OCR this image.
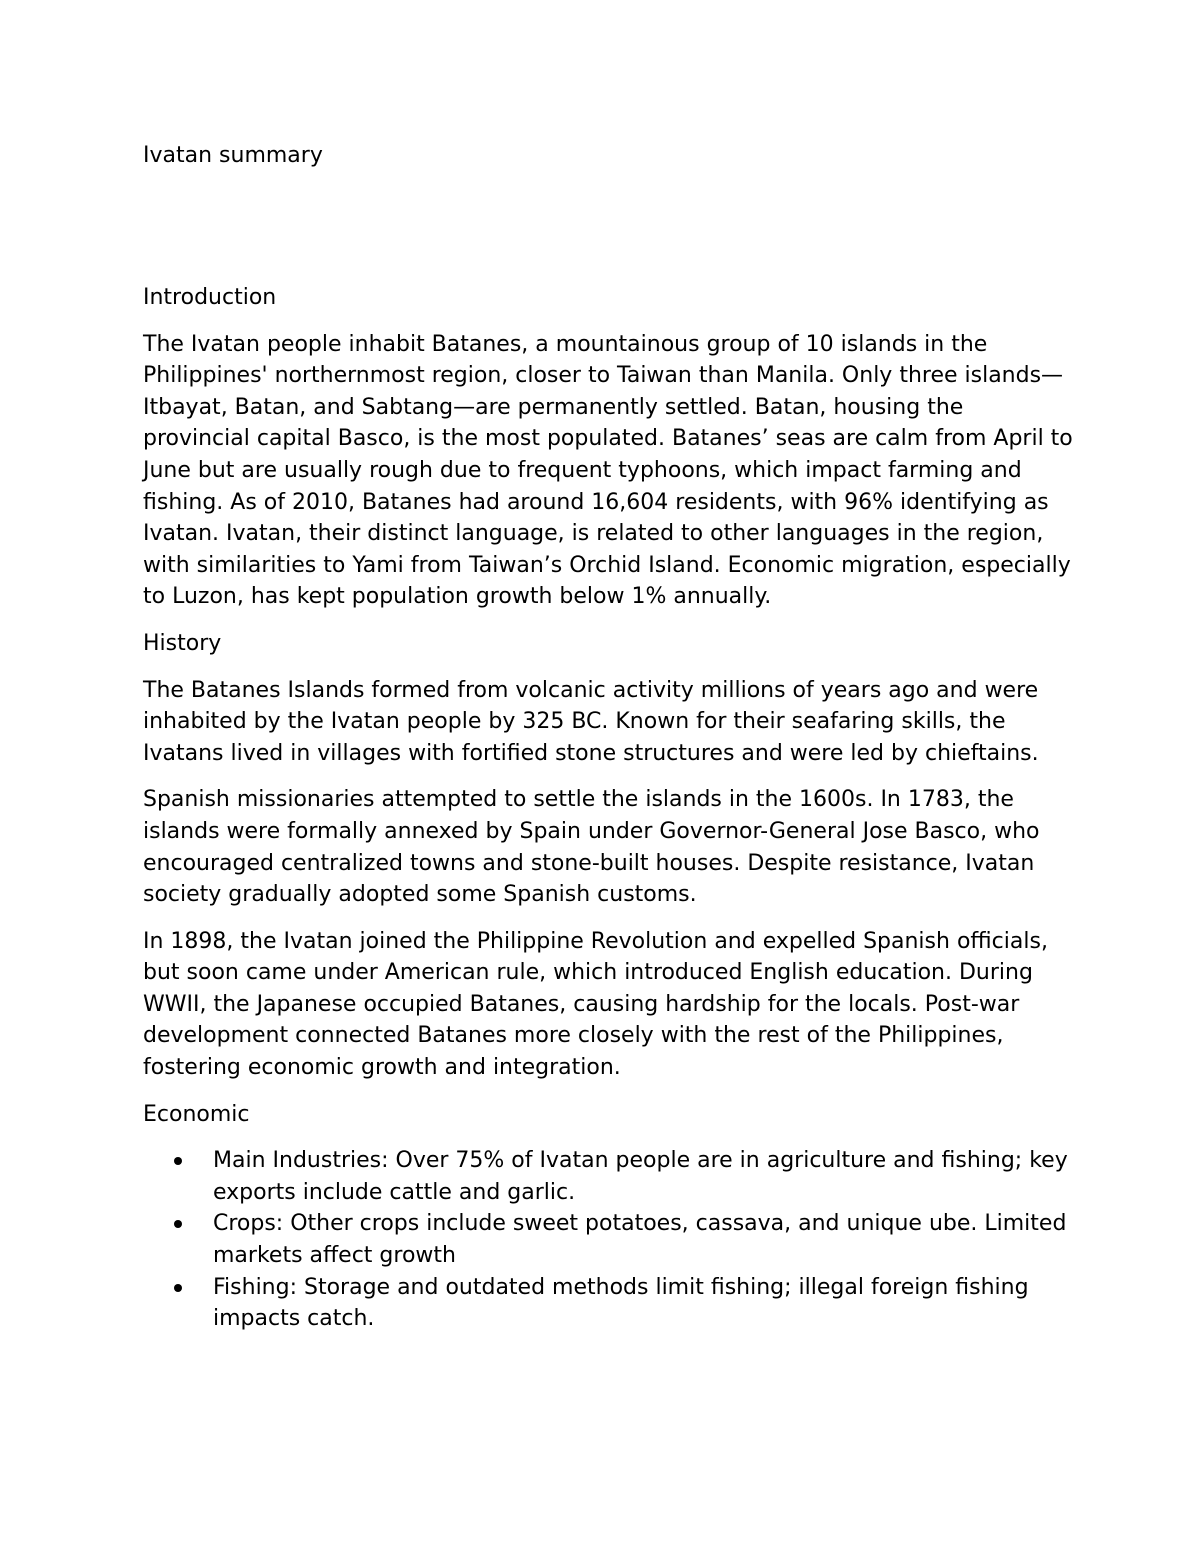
Ivatan summary
Introduction

The Ivatan people inhabit Batanes, a mountainous group of 10 islands in the Philippines' northernmost region, closer to Taiwan than Manila. Only three islands—Itbayat, Batan, and Sabtang—are permanently settled. Batan, housing the provincial capital Basco, is the most populated. Batanes’ seas are calm from April to June but are usually rough due to frequent typhoons, which impact farming and fishing. As of 2010, Batanes had around 16,604 residents, with 96% identifying as Ivatan. Ivatan, their distinct language, is related to other languages in the region, with similarities to Yami from Taiwan’s Orchid Island. Economic migration, especially to Luzon, has kept population growth below 1% annually.

History

The Batanes Islands formed from volcanic activity millions of years ago and were inhabited by the Ivatan people by 325 BC. Known for their seafaring skills, the Ivatans lived in villages with fortified stone structures and were led by chieftains.

Spanish missionaries attempted to settle the islands in the 1600s. In 1783, the islands were formally annexed by Spain under Governor-General Jose Basco, who encouraged centralized towns and stone-built houses. Despite resistance, Ivatan society gradually adopted some Spanish customs.

In 1898, the Ivatan joined the Philippine Revolution and expelled Spanish officials, but soon came under American rule, which introduced English education. During WWII, the Japanese occupied Batanes, causing hardship for the locals. Post-war development connected Batanes more closely with the rest of the Philippines, fostering economic growth and integration.

Economic
Main Industries: Over 75% of Ivatan people are in agriculture and fishing; key exports include cattle and garlic.
Crops: Other crops include sweet potatoes, cassava, and unique ube. Limited markets affect growth
Fishing: Storage and outdated methods limit fishing; illegal foreign fishing impacts catch.
